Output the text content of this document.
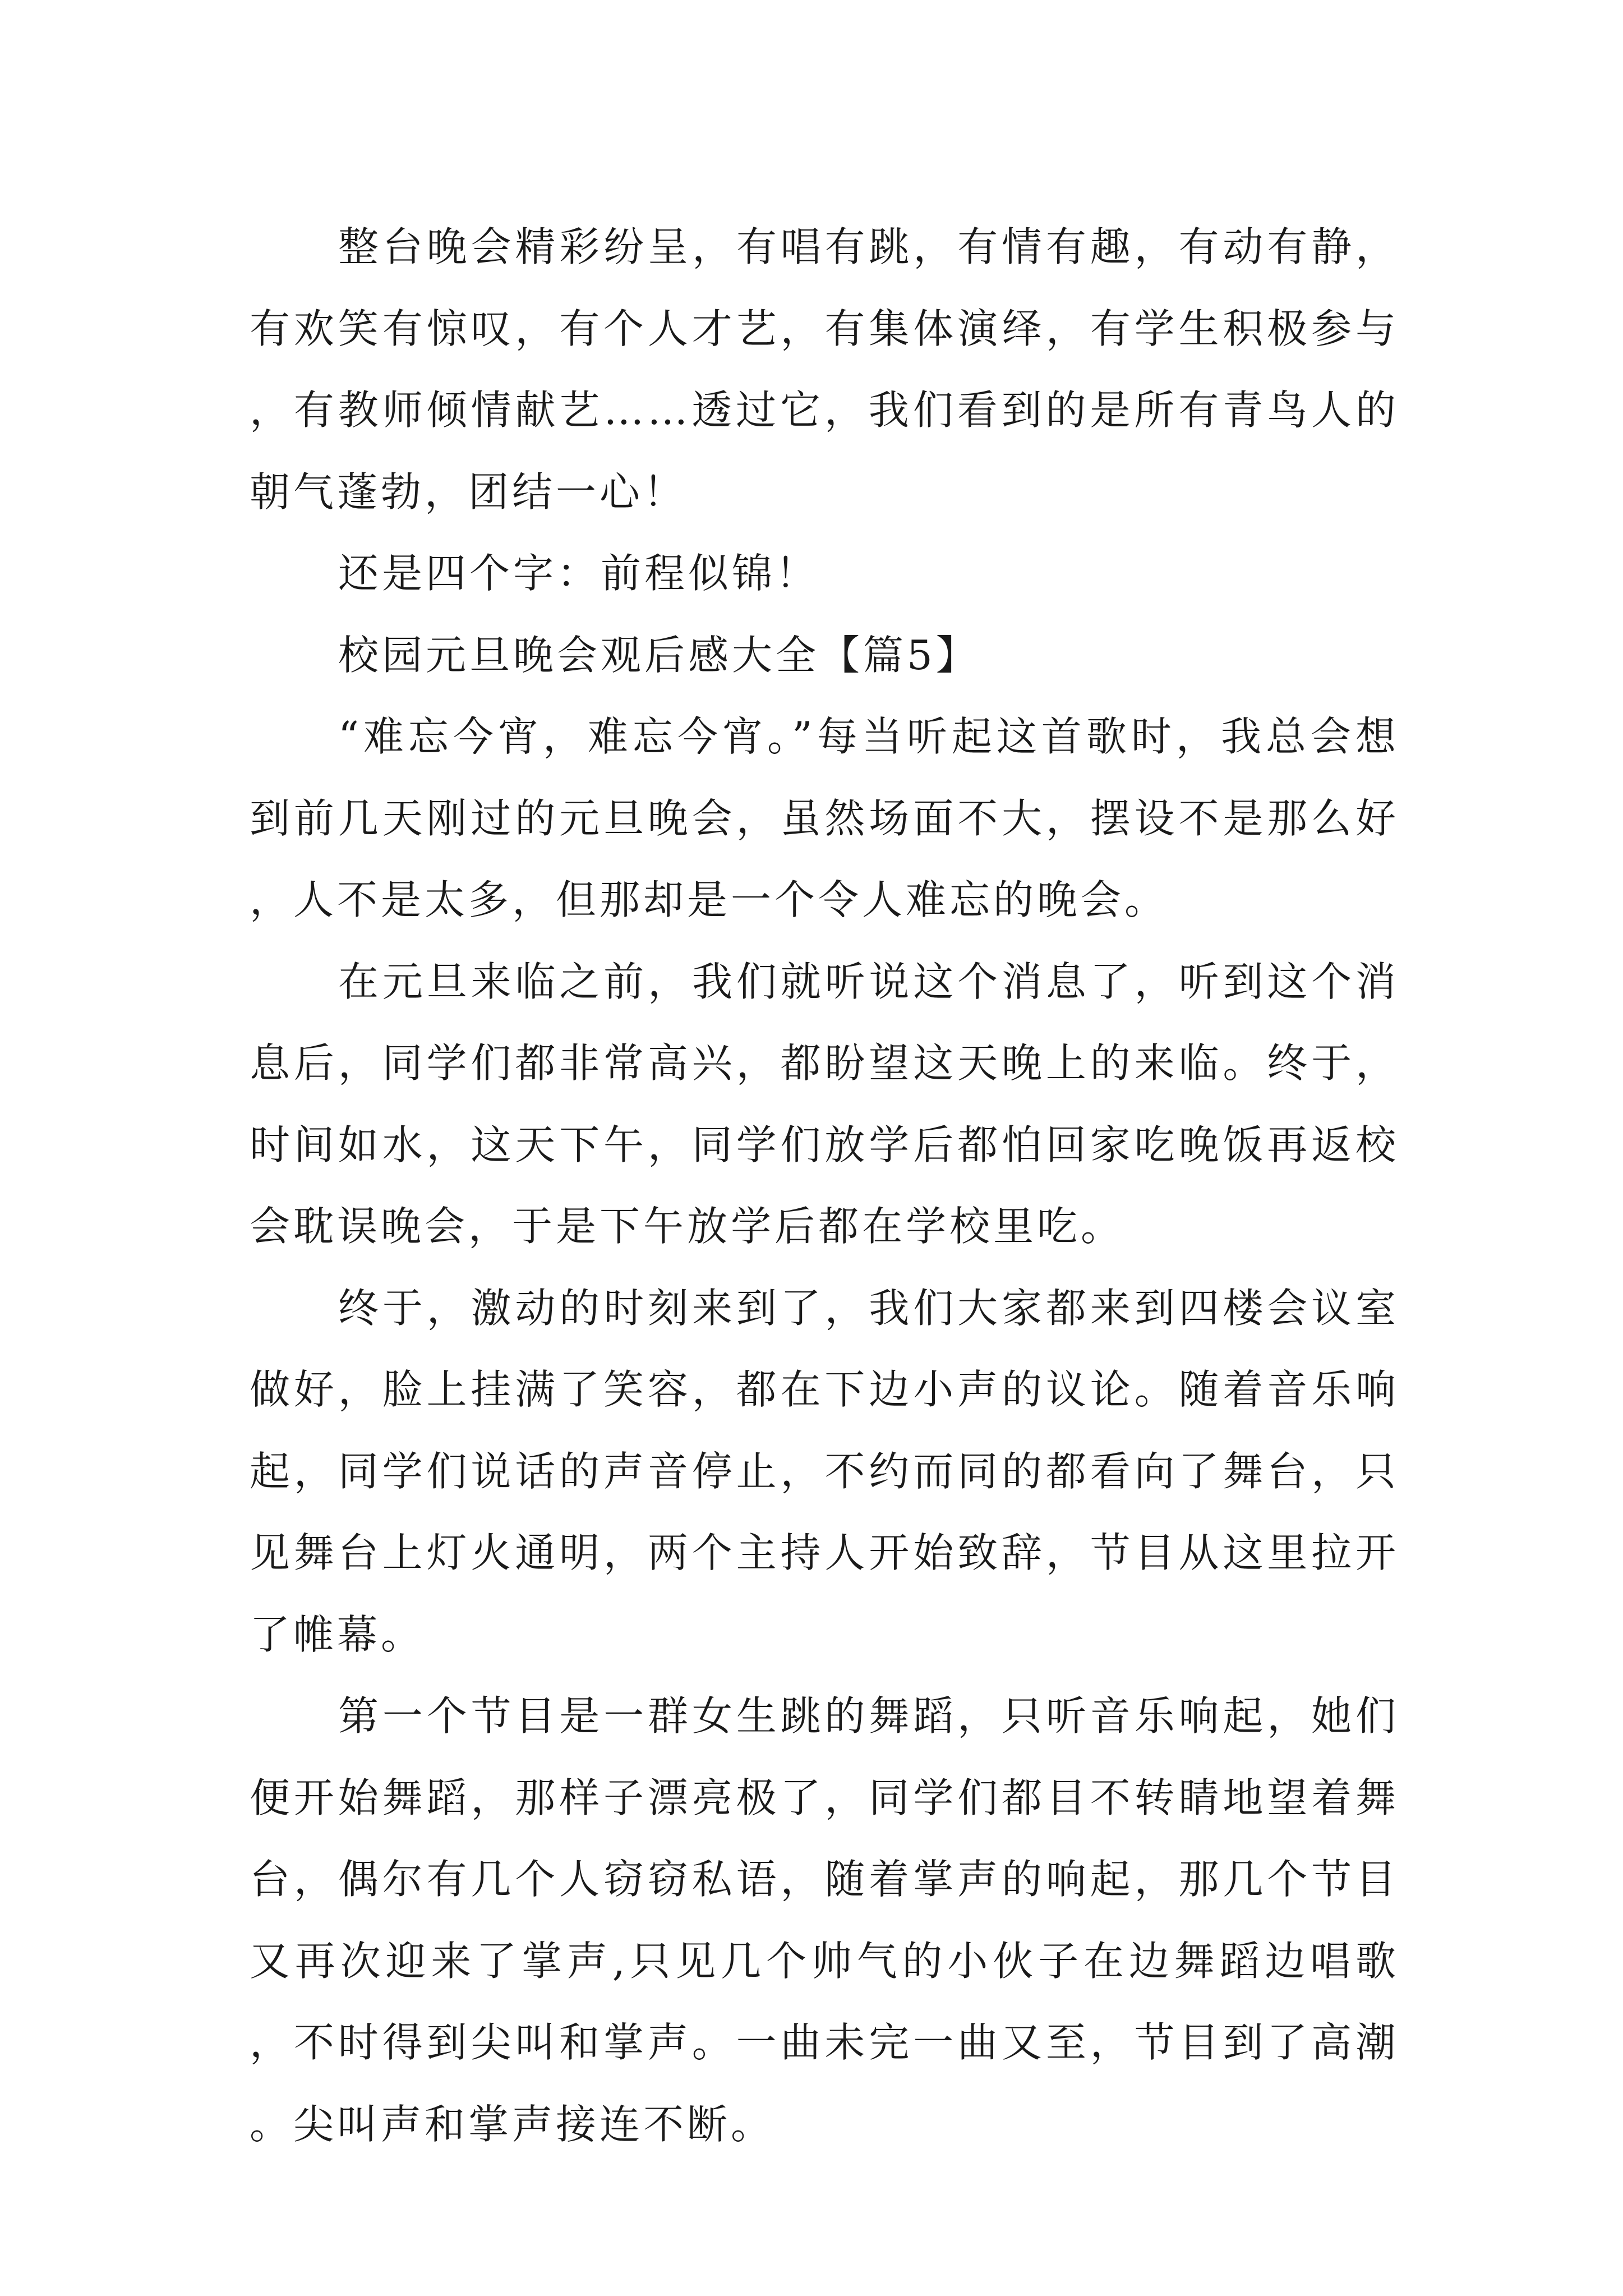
整台晚会精彩纷呈，有唱有跳，有情有趣，有动有静，有欢笑有惊叹，有个人才艺，有集体演绎，有学生积极参与，有教师倾情献艺……透过它，我们看到的是所有青鸟人的朝气蓬勃，团结一心！

还是四个字：前程似锦！

校园元旦晚会观后感大全【篇5】

“难忘今宵，难忘今宵。”每当听起这首歌时，我总会想到前几天刚过的元旦晚会，虽然场面不大，摆设不是那么好，人不是太多，但那却是一个令人难忘的晚会。

在元旦来临之前，我们就听说这个消息了，听到这个消息后，同学们都非常高兴，都盼望这天晚上的来临。终于，时间如水，这天下午，同学们放学后都怕回家吃晚饭再返校会耽误晚会，于是下午放学后都在学校里吃。

终于，激动的时刻来到了，我们大家都来到四楼会议室做好，脸上挂满了笑容，都在下边小声的议论。随着音乐响起，同学们说话的声音停止，不约而同的都看向了舞台，只见舞台上灯火通明，两个主持人开始致辞，节目从这里拉开了帷幕。

第一个节目是一群女生跳的舞蹈，只听音乐响起，她们便开始舞蹈，那样子漂亮极了，同学们都目不转睛地望着舞台，偶尔有几个人窃窃私语，随着掌声的响起，那几个节目又再次迎来了掌声,只见几个帅气的小伙子在边舞蹈边唱歌，不时得到尖叫和掌声。一曲未完一曲又至，节目到了高潮。尖叫声和掌声接连不断。
